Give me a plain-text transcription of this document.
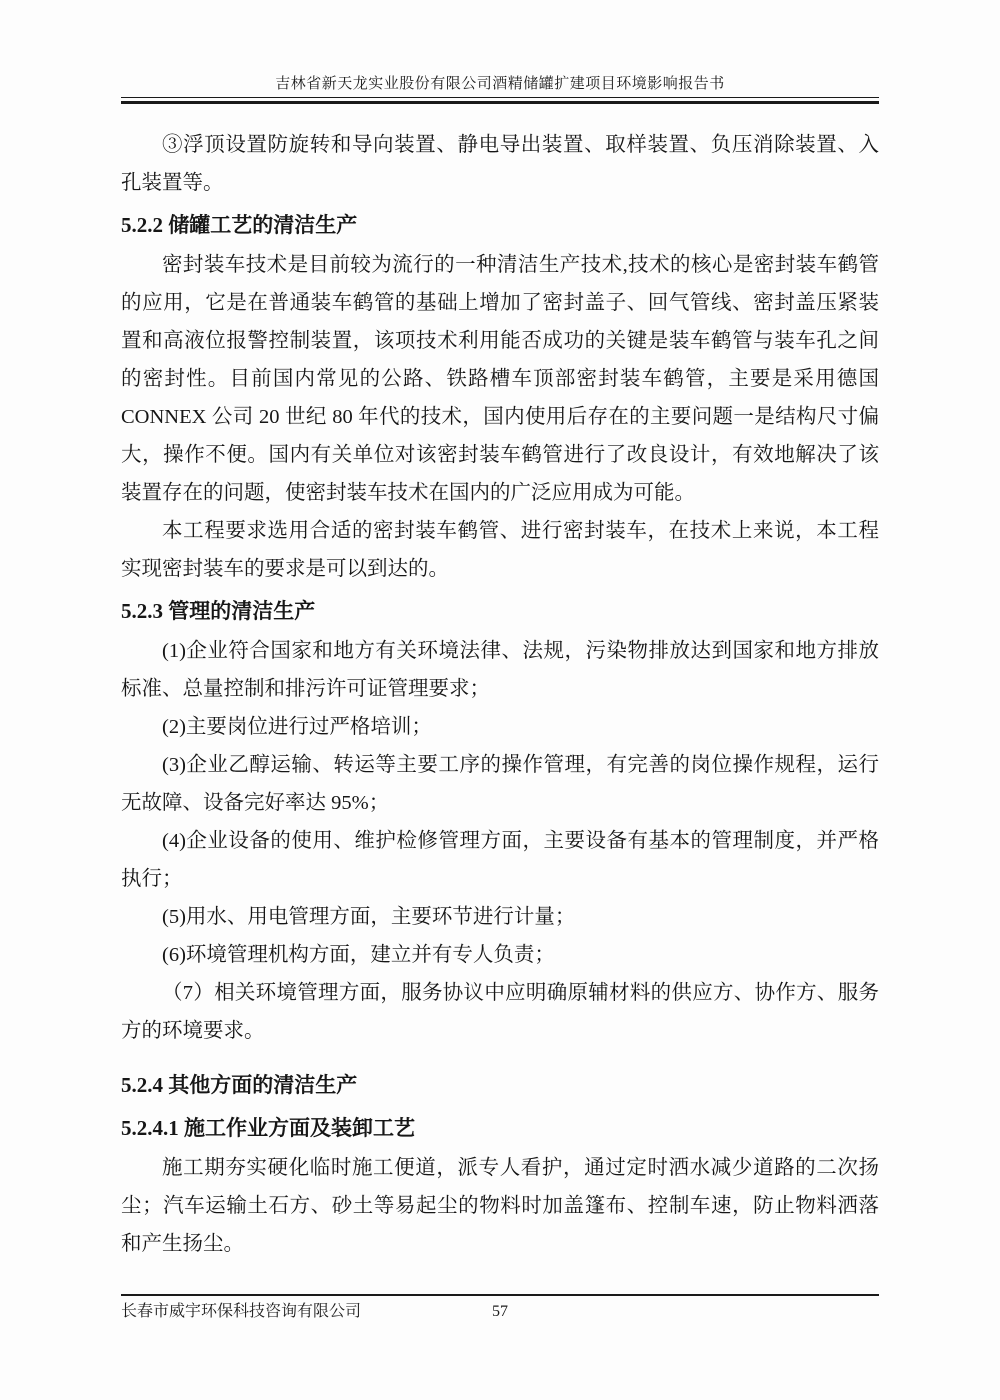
吉林省新天龙实业股份有限公司酒精储罐扩建项目环境影响报告书

③浮顶设置防旋转和导向装置、静电导出装置、取样装置、负压消除装置、入孔装置等。

5.2.2 储罐工艺的清洁生产

密封装车技术是目前较为流行的一种清洁生产技术,技术的核心是密封装车鹤管的应用，它是在普通装车鹤管的基础上增加了密封盖子、回气管线、密封盖压紧装置和高液位报警控制装置，该项技术利用能否成功的关键是装车鹤管与装车孔之间的密封性。目前国内常见的公路、铁路槽车顶部密封装车鹤管，主要是采用德国 CONNEX 公司 20 世纪 80 年代的技术，国内使用后存在的主要问题一是结构尺寸偏大，操作不便。国内有关单位对该密封装车鹤管进行了改良设计，有效地解决了该装置存在的问题，使密封装车技术在国内的广泛应用成为可能。

本工程要求选用合适的密封装车鹤管、进行密封装车，在技术上来说，本工程实现密封装车的要求是可以到达的。

5.2.3 管理的清洁生产

(1)企业符合国家和地方有关环境法律、法规，污染物排放达到国家和地方排放标准、总量控制和排污许可证管理要求；

(2)主要岗位进行过严格培训；

(3)企业乙醇运输、转运等主要工序的操作管理，有完善的岗位操作规程，运行无故障、设备完好率达 95%；

(4)企业设备的使用、维护检修管理方面，主要设备有基本的管理制度，并严格执行；

(5)用水、用电管理方面，主要环节进行计量；

(6)环境管理机构方面，建立并有专人负责；

（7）相关环境管理方面，服务协议中应明确原辅材料的供应方、协作方、服务方的环境要求。

5.2.4 其他方面的清洁生产
5.2.4.1 施工作业方面及装卸工艺

施工期夯实硬化临时施工便道，派专人看护，通过定时洒水减少道路的二次扬尘；汽车运输土石方、砂土等易起尘的物料时加盖篷布、控制车速，防止物料洒落和产生扬尘。

长春市威宇环保科技咨询有限公司	57
